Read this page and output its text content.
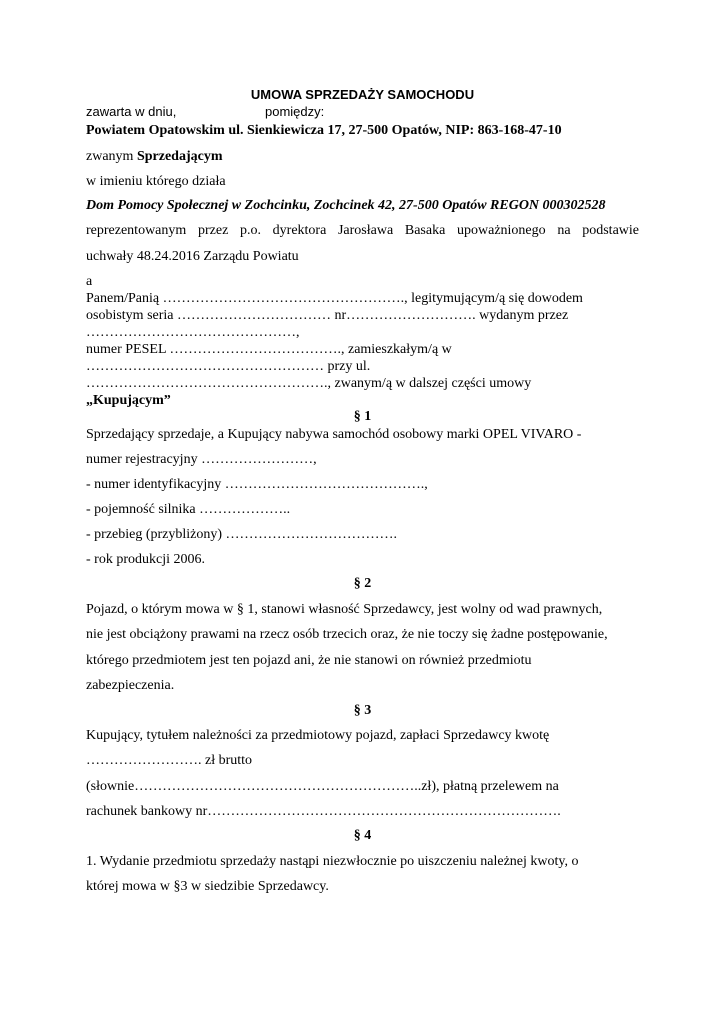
UMOWA SPRZEDAŻY SAMOCHODU
zawarta w dniu,	pomiędzy:
Powiatem Opatowskim ul. Sienkiewicza 17, 27-500 Opatów, NIP: 863-168-47-10
zwanym Sprzedającym
w imieniu którego działa
Dom Pomocy Społecznej w Zochcinku, Zochcinek 42, 27-500 Opatów REGON 000302528
reprezentowanym przez p.o. dyrektora Jarosława Basaka upoważnionego na podstawie
uchwały 48.24.2016 Zarządu Powiatu
a
Panem/Panią ……………………………………………., legitymującym/ą się dowodem
osobistym seria …………………………… nr………………………. wydanym przez
………………………………………,
numer PESEL ………………………………., zamieszkałym/ą w
…………………………………………… przy ul.
……………………………………………., zwanym/ą w dalszej części umowy
„Kupującym”
§ 1
Sprzedający sprzedaje, a Kupujący nabywa samochód osobowy marki OPEL VIVARO -
numer rejestracyjny ……………………,
- numer identyfikacyjny …………………………………….,
- pojemność silnika ………………..
- przebieg (przybliżony) ……………………………….
- rok produkcji 2006.
§ 2
Pojazd, o którym mowa w § 1, stanowi własność Sprzedawcy, jest wolny od wad prawnych,
nie jest obciążony prawami na rzecz osób trzecich oraz, że nie toczy się żadne postępowanie,
którego przedmiotem jest ten pojazd ani, że nie stanowi on również przedmiotu
zabezpieczenia.
§ 3
Kupujący, tytułem należności za przedmiotowy pojazd, zapłaci Sprzedawcy kwotę
……………………. zł brutto
(słownie……………………………………………………..zł), płatną przelewem na
rachunek bankowy nr………………………………………………………………….
§ 4
1. Wydanie przedmiotu sprzedaży nastąpi niezwłocznie po uiszczeniu należnej kwoty, o
której mowa w §3 w siedzibie Sprzedawcy.
